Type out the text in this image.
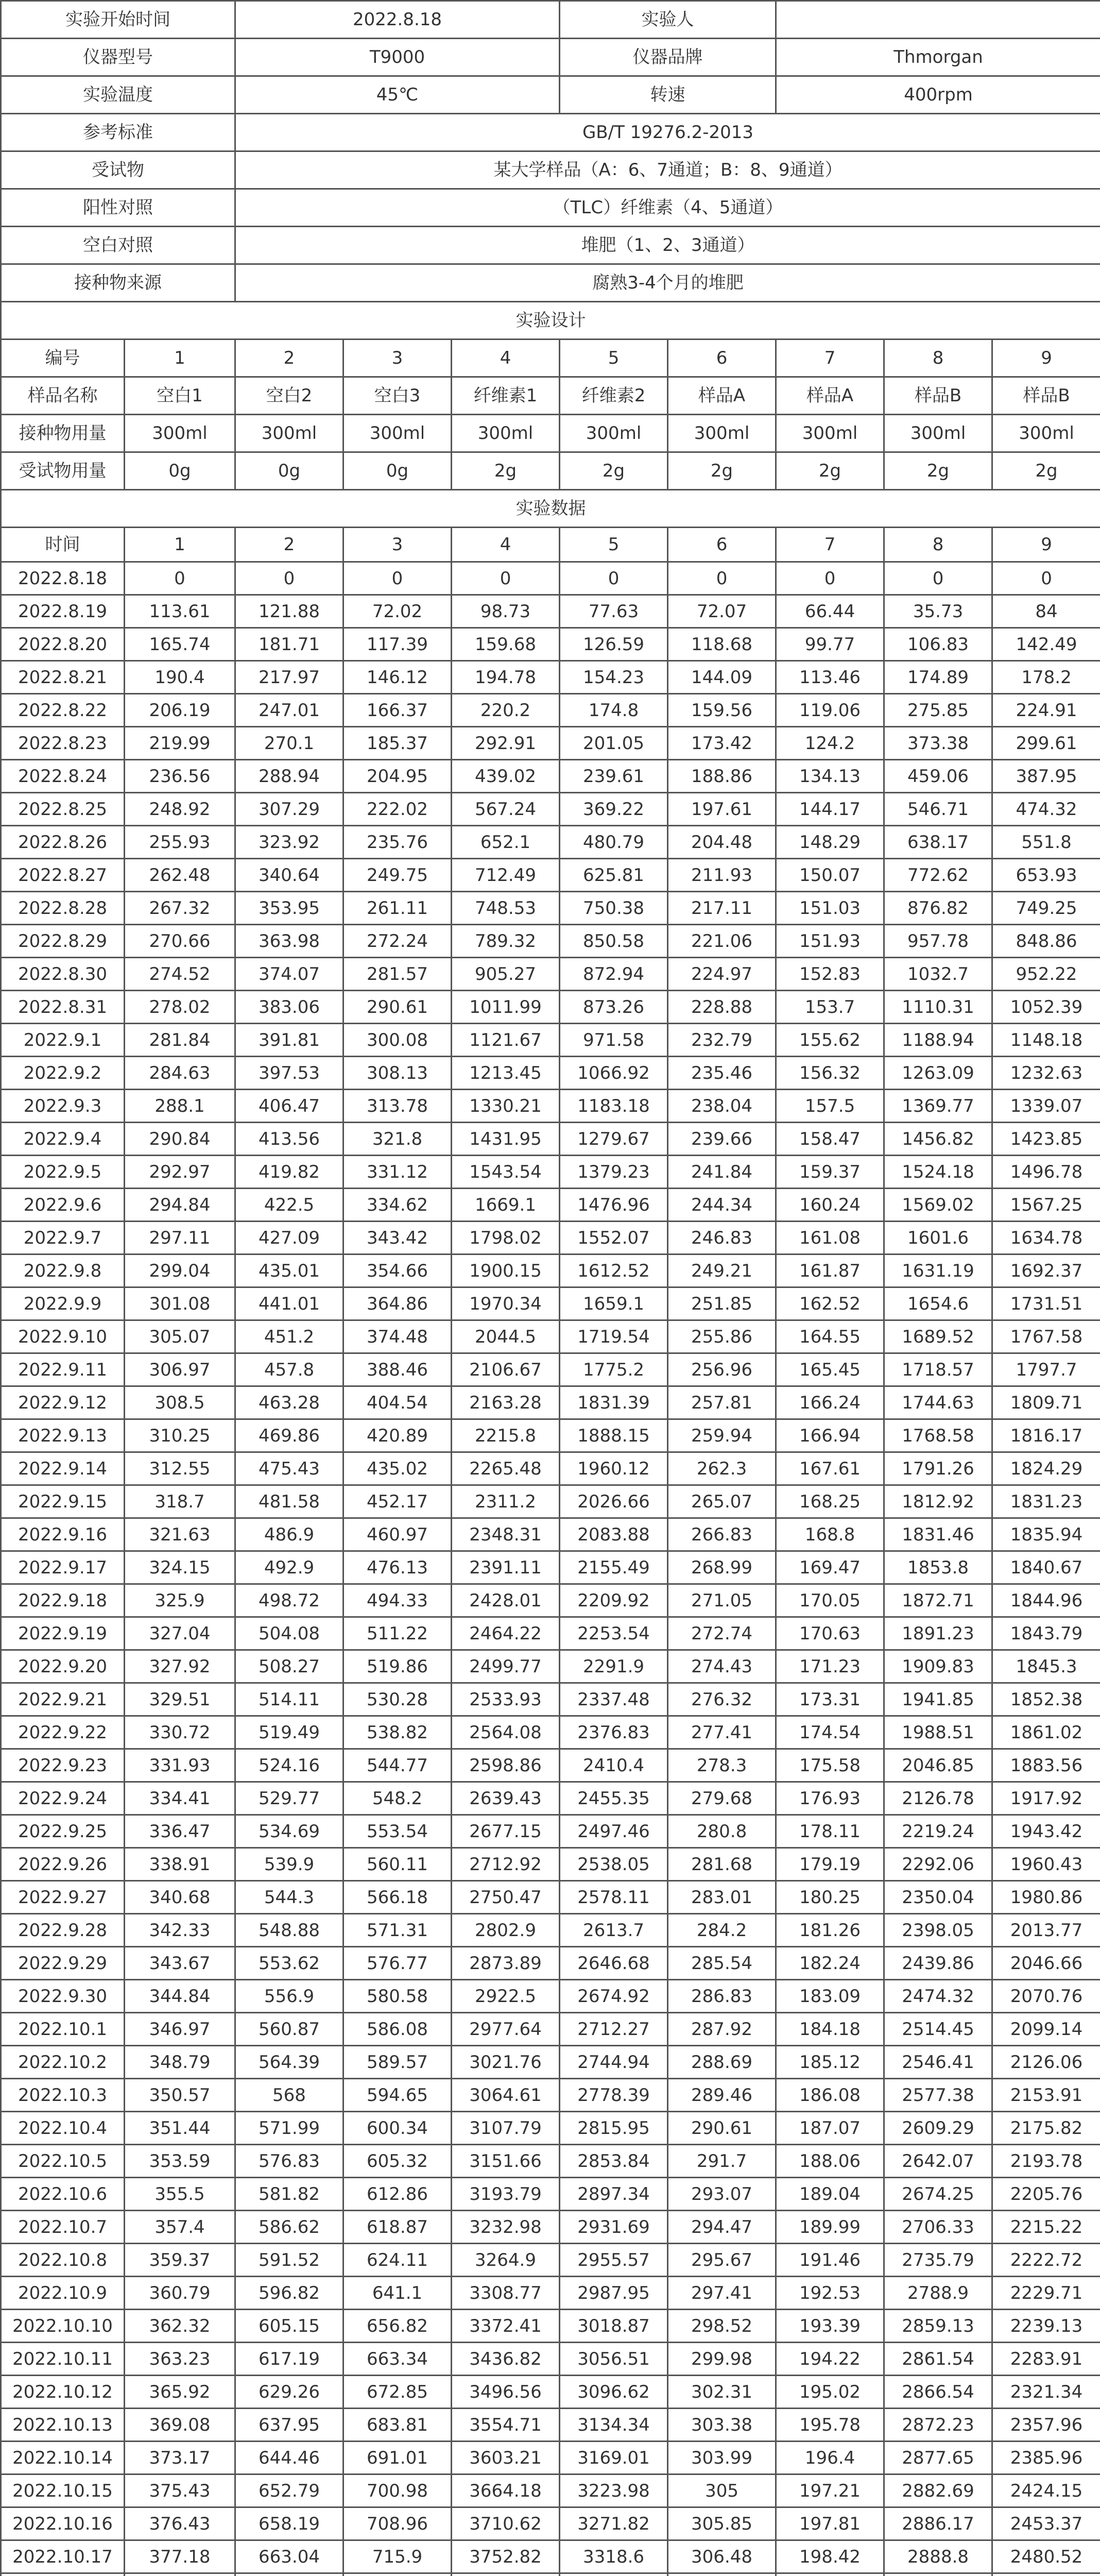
实验开始时间		2022.8.18			实验人				
仪器型号		T9000			仪器品牌		Thmorgan		
实验温度		45℃			转速		400rpm		
参考标准		GB/T 19276.2-2013							
受试物		某大学样品（A：6、7通道；B：8、9通道）							
阳性对照		（TLC）纤维素（4、5通道）							
空白对照		堆肥（1、2、3通道）							
接种物来源		腐熟3-4个月的堆肥							
实验设计									
编号	1	2	3	4	5	6	7	8	9
样品名称	空白1	空白2	空白3	纤维素1	纤维素2	样品A	样品A	样品B	样品B
接种物用量	300ml	300ml	300ml	300ml	300ml	300ml	300ml	300ml	300ml
受试物用量	0g	0g	0g	2g	2g	2g	2g	2g	2g
实验数据									
时间	1	2	3	4	5	6	7	8	9
2022.8.18	0	0	0	0	0	0	0	0	0
2022.8.19	113.61	121.88	72.02	98.73	77.63	72.07	66.44	35.73	84
2022.8.20	165.74	181.71	117.39	159.68	126.59	118.68	99.77	106.83	142.49
2022.8.21	190.4	217.97	146.12	194.78	154.23	144.09	113.46	174.89	178.2
2022.8.22	206.19	247.01	166.37	220.2	174.8	159.56	119.06	275.85	224.91
2022.8.23	219.99	270.1	185.37	292.91	201.05	173.42	124.2	373.38	299.61
2022.8.24	236.56	288.94	204.95	439.02	239.61	188.86	134.13	459.06	387.95
2022.8.25	248.92	307.29	222.02	567.24	369.22	197.61	144.17	546.71	474.32
2022.8.26	255.93	323.92	235.76	652.1	480.79	204.48	148.29	638.17	551.8
2022.8.27	262.48	340.64	249.75	712.49	625.81	211.93	150.07	772.62	653.93
2022.8.28	267.32	353.95	261.11	748.53	750.38	217.11	151.03	876.82	749.25
2022.8.29	270.66	363.98	272.24	789.32	850.58	221.06	151.93	957.78	848.86
2022.8.30	274.52	374.07	281.57	905.27	872.94	224.97	152.83	1032.7	952.22
2022.8.31	278.02	383.06	290.61	1011.99	873.26	228.88	153.7	1110.31	1052.39
2022.9.1	281.84	391.81	300.08	1121.67	971.58	232.79	155.62	1188.94	1148.18
2022.9.2	284.63	397.53	308.13	1213.45	1066.92	235.46	156.32	1263.09	1232.63
2022.9.3	288.1	406.47	313.78	1330.21	1183.18	238.04	157.5	1369.77	1339.07
2022.9.4	290.84	413.56	321.8	1431.95	1279.67	239.66	158.47	1456.82	1423.85
2022.9.5	292.97	419.82	331.12	1543.54	1379.23	241.84	159.37	1524.18	1496.78
2022.9.6	294.84	422.5	334.62	1669.1	1476.96	244.34	160.24	1569.02	1567.25
2022.9.7	297.11	427.09	343.42	1798.02	1552.07	246.83	161.08	1601.6	1634.78
2022.9.8	299.04	435.01	354.66	1900.15	1612.52	249.21	161.87	1631.19	1692.37
2022.9.9	301.08	441.01	364.86	1970.34	1659.1	251.85	162.52	1654.6	1731.51
2022.9.10	305.07	451.2	374.48	2044.5	1719.54	255.86	164.55	1689.52	1767.58
2022.9.11	306.97	457.8	388.46	2106.67	1775.2	256.96	165.45	1718.57	1797.7
2022.9.12	308.5	463.28	404.54	2163.28	1831.39	257.81	166.24	1744.63	1809.71
2022.9.13	310.25	469.86	420.89	2215.8	1888.15	259.94	166.94	1768.58	1816.17
2022.9.14	312.55	475.43	435.02	2265.48	1960.12	262.3	167.61	1791.26	1824.29
2022.9.15	318.7	481.58	452.17	2311.2	2026.66	265.07	168.25	1812.92	1831.23
2022.9.16	321.63	486.9	460.97	2348.31	2083.88	266.83	168.8	1831.46	1835.94
2022.9.17	324.15	492.9	476.13	2391.11	2155.49	268.99	169.47	1853.8	1840.67
2022.9.18	325.9	498.72	494.33	2428.01	2209.92	271.05	170.05	1872.71	1844.96
2022.9.19	327.04	504.08	511.22	2464.22	2253.54	272.74	170.63	1891.23	1843.79
2022.9.20	327.92	508.27	519.86	2499.77	2291.9	274.43	171.23	1909.83	1845.3
2022.9.21	329.51	514.11	530.28	2533.93	2337.48	276.32	173.31	1941.85	1852.38
2022.9.22	330.72	519.49	538.82	2564.08	2376.83	277.41	174.54	1988.51	1861.02
2022.9.23	331.93	524.16	544.77	2598.86	2410.4	278.3	175.58	2046.85	1883.56
2022.9.24	334.41	529.77	548.2	2639.43	2455.35	279.68	176.93	2126.78	1917.92
2022.9.25	336.47	534.69	553.54	2677.15	2497.46	280.8	178.11	2219.24	1943.42
2022.9.26	338.91	539.9	560.11	2712.92	2538.05	281.68	179.19	2292.06	1960.43
2022.9.27	340.68	544.3	566.18	2750.47	2578.11	283.01	180.25	2350.04	1980.86
2022.9.28	342.33	548.88	571.31	2802.9	2613.7	284.2	181.26	2398.05	2013.77
2022.9.29	343.67	553.62	576.77	2873.89	2646.68	285.54	182.24	2439.86	2046.66
2022.9.30	344.84	556.9	580.58	2922.5	2674.92	286.83	183.09	2474.32	2070.76
2022.10.1	346.97	560.87	586.08	2977.64	2712.27	287.92	184.18	2514.45	2099.14
2022.10.2	348.79	564.39	589.57	3021.76	2744.94	288.69	185.12	2546.41	2126.06
2022.10.3	350.57	568	594.65	3064.61	2778.39	289.46	186.08	2577.38	2153.91
2022.10.4	351.44	571.99	600.34	3107.79	2815.95	290.61	187.07	2609.29	2175.82
2022.10.5	353.59	576.83	605.32	3151.66	2853.84	291.7	188.06	2642.07	2193.78
2022.10.6	355.5	581.82	612.86	3193.79	2897.34	293.07	189.04	2674.25	2205.76
2022.10.7	357.4	586.62	618.87	3232.98	2931.69	294.47	189.99	2706.33	2215.22
2022.10.8	359.37	591.52	624.11	3264.9	2955.57	295.67	191.46	2735.79	2222.72
2022.10.9	360.79	596.82	641.1	3308.77	2987.95	297.41	192.53	2788.9	2229.71
2022.10.10	362.32	605.15	656.82	3372.41	3018.87	298.52	193.39	2859.13	2239.13
2022.10.11	363.23	617.19	663.34	3436.82	3056.51	299.98	194.22	2861.54	2283.91
2022.10.12	365.92	629.26	672.85	3496.56	3096.62	302.31	195.02	2866.54	2321.34
2022.10.13	369.08	637.95	683.81	3554.71	3134.34	303.38	195.78	2872.23	2357.96
2022.10.14	373.17	644.46	691.01	3603.21	3169.01	303.99	196.4	2877.65	2385.96
2022.10.15	375.43	652.79	700.98	3664.18	3223.98	305	197.21	2882.69	2424.15
2022.10.16	376.43	658.19	708.96	3710.62	3271.82	305.85	197.81	2886.17	2453.37
2022.10.17	377.18	663.04	715.9	3752.82	3318.6	306.48	198.42	2888.8	2480.52
